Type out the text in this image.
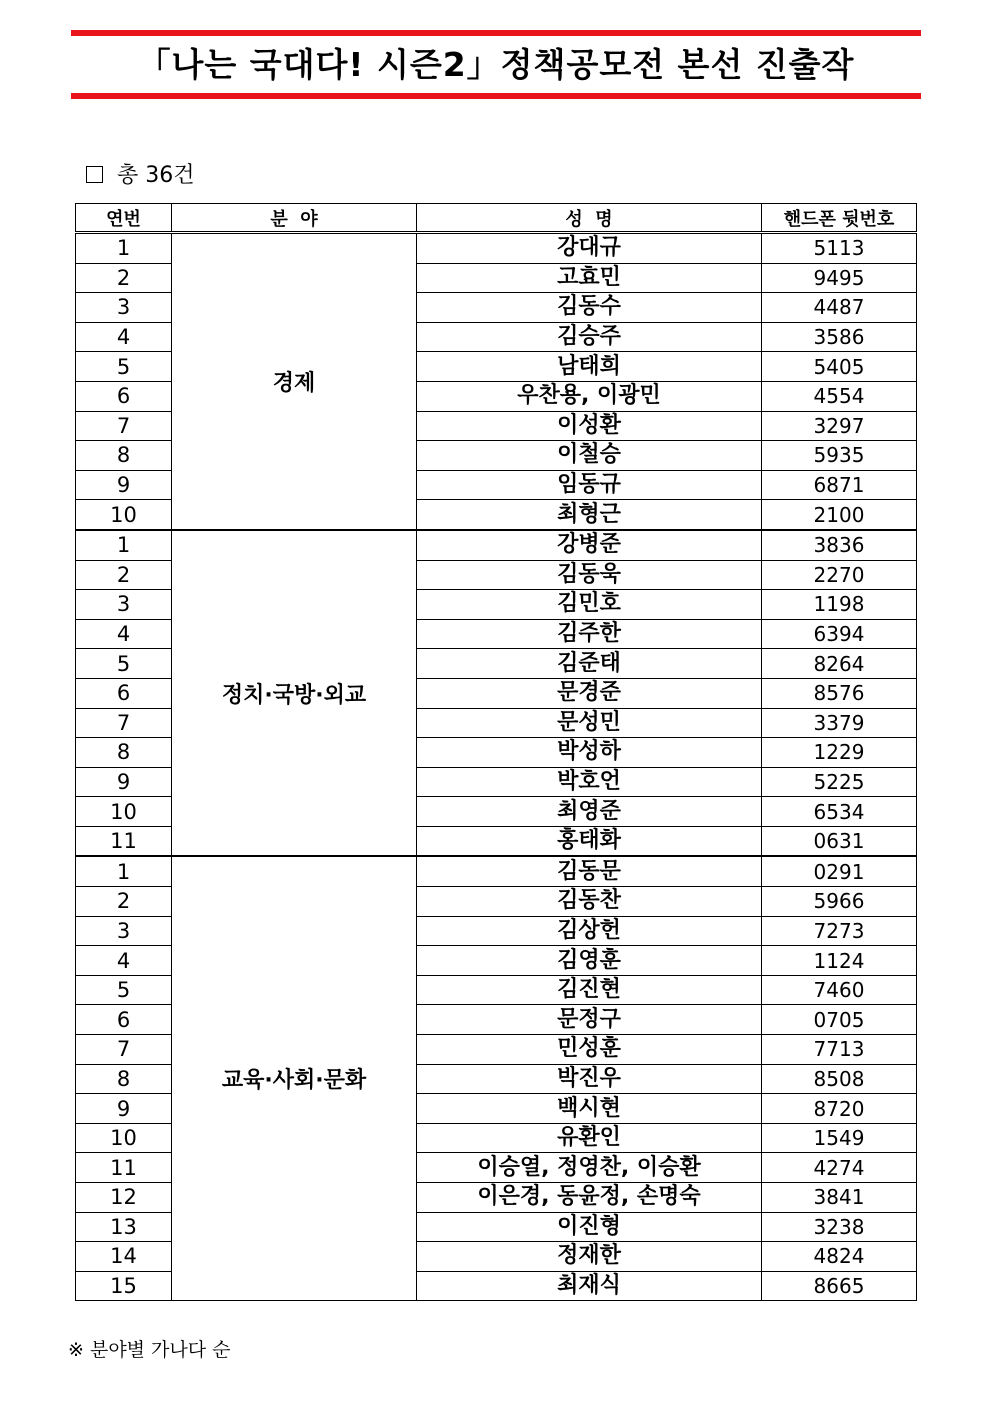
「나는 국대다! 시즌2」정책공모전 본선 진출작
총 36건
연번	분  야	성  명	핸드폰 뒷번호
1	경제	강대규	5113
2		고효민	9495
3		김동수	4487
4		김승주	3586
5		남태희	5405
6		우찬용, 이광민	4554
7		이성환	3297
8		이철승	5935
9		임동규	6871
10		최형근	2100
1	정치·국방·외교	강병준	3836
2		김동욱	2270
3		김민호	1198
4		김주한	6394
5		김준태	8264
6		문경준	8576
7		문성민	3379
8		박성하	1229
9		박호언	5225
10		최영준	6534
11		홍태화	0631
1	교육·사회·문화	김동문	0291
2		김동찬	5966
3		김상헌	7273
4		김영훈	1124
5		김진현	7460
6		문정구	0705
7		민성훈	7713
8		박진우	8508
9		백시현	8720
10		유환인	1549
11		이승열, 정영찬, 이승환	4274
12		이은경, 동윤정, 손명숙	3841
13		이진형	3238
14		정재한	4824
15		최재식	8665
※ 분야별 가나다 순
